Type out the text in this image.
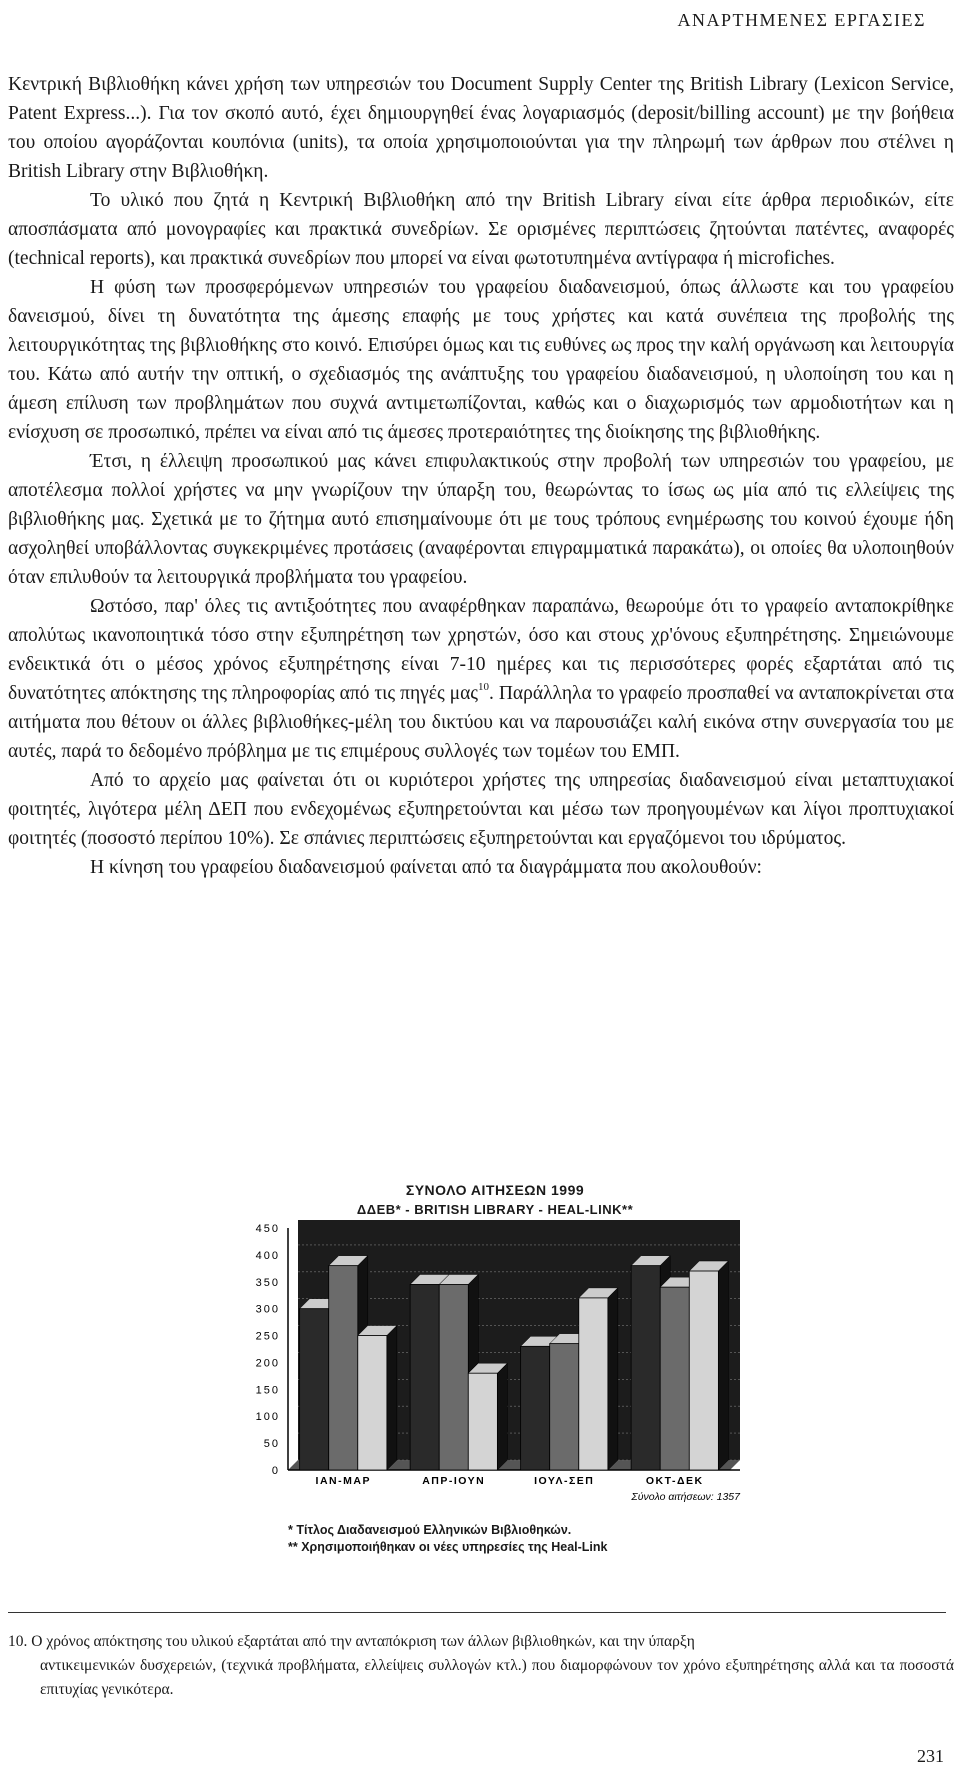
ΑΝΑΡΤΗΜΕΝΕΣ ΕΡΓΑΣΙΕΣ

Κεντρική Βιβλιοθήκη κάνει χρήση των υπηρεσιών του Document Supply Center της British Library (Lexicon Service, Patent Express...). Για τον σκοπό αυτό, έχει δημιουργηθεί ένας λογαριασμός (deposit/billing account) με την βοήθεια του οποίου αγοράζονται κουπόνια (units), τα οποία χρησιμοποιούνται για την πληρωμή των άρθρων που στέλνει η British Library στην Βιβλιοθήκη.

Το υλικό που ζητά η Κεντρική Βιβλιοθήκη από την British Library είναι είτε άρθρα περιοδικών, είτε αποσπάσματα από μονογραφίες και πρακτικά συνεδρίων. Σε ορισμένες περιπτώσεις ζητούνται πατέντες, αναφορές (technical reports), και πρακτικά συνεδρίων που μπορεί να είναι φωτοτυπημένα αντίγραφα ή microfiches.

Η φύση των προσφερόμενων υπηρεσιών του γραφείου διαδανεισμού, όπως άλλωστε και του γραφείου δανεισμού, δίνει τη δυνατότητα της άμεσης επαφής με τους χρήστες και κατά συνέπεια της προβολής της λειτουργικότητας της βιβλιοθήκης στο κοινό. Επισύρει όμως και τις ευθύνες ως προς την καλή οργάνωση και λειτουργία του. Κάτω από αυτήν την οπτική, ο σχεδιασμός της ανάπτυξης του γραφείου διαδανεισμού, η υλοποίηση του και η άμεση επίλυση των προβλημάτων που συχνά αντιμετωπίζονται, καθώς και ο διαχωρισμός των αρμοδιοτήτων και η ενίσχυση σε προσωπικό, πρέπει να είναι από τις άμεσες προτεραιότητες της διοίκησης της βιβλιοθήκης.

Έτσι, η έλλειψη προσωπικού μας κάνει επιφυλακτικούς στην προβολή των υπηρεσιών του γραφείου, με αποτέλεσμα πολλοί χρήστες να μην γνωρίζουν την ύπαρξη του, θεωρώντας το ίσως ως μία από τις ελλείψεις της βιβλιοθήκης μας. Σχετικά με το ζήτημα αυτό επισημαίνουμε ότι με τους τρόπους ενημέρωσης του κοινού έχουμε ήδη ασχοληθεί υποβάλλοντας συγκεκριμένες προτάσεις (αναφέρονται επιγραμματικά παρακάτω), οι οποίες θα υλοποιηθούν όταν επιλυθούν τα λειτουργικά προβλήματα του γραφείου.

Ωστόσο, παρ' όλες τις αντιξοότητες που αναφέρθηκαν παραπάνω, θεωρούμε ότι το γραφείο ανταποκρίθηκε απολύτως ικανοποιητικά τόσο στην εξυπηρέτηση των χρηστών, όσο και στους χρ'όνους εξυπηρέτησης. Σημειώνουμε ενδεικτικά ότι ο μέσος χρόνος εξυπηρέτησης είναι 7-10 ημέρες και τις περισσότερες φορές εξαρτάται από τις δυνατότητες απόκτησης της πληροφορίας από τις πηγές μας$^{10}$. Παράλληλα το γραφείο προσπαθεί να ανταποκρίνεται στα αιτήματα που θέτουν οι άλλες βιβλιοθήκες-μέλη του δικτύου και να παρουσιάζει καλή εικόνα στην συνεργασία του με αυτές, παρά το δεδομένο πρόβλημα με τις επιμέρους συλλογές των τομέων του ΕΜΠ.

Από το αρχείο μας φαίνεται ότι οι κυριότεροι χρήστες της υπηρεσίας διαδανεισμού είναι μεταπτυχιακοί φοιτητές, λιγότερα μέλη ΔΕΠ που ενδεχομένως εξυπηρετούνται και μέσω των προηγουμένων και λίγοι προπτυχιακοί φοιτητές (ποσοστό περίπου 10%). Σε σπάνιες περιπτώσεις εξυπηρετούνται και εργαζόμενοι του ιδρύματος.

Η κίνηση του γραφείου διαδανεισμού φαίνεται από τα διαγράμματα που ακολουθούν:

ΣΥΝΟΛΟ ΑΙΤΗΣΕΩΝ 1999
ΔΔΕΒ* - BRITISH LIBRARY - HEAL-LINK**
0
50
100
150
200
250
300
350
400
450
ΙΑΝ-ΜΑΡ	ΑΠΡ-ΙΟΥΝ	ΙΟΥΛ-ΣΕΠ	ΟΚΤ-ΔΕΚ
Σύνολο αιτήσεων: 1357
* Τίτλος Διαδανεισμού Ελληνικών Βιβλιοθηκών.
** Χρησιμοποιήθηκαν οι νέες υπηρεσίες της Heal-Link
10. Ο χρόνος απόκτησης του υλικού εξαρτάται από την ανταπόκριση των άλλων βιβλιοθηκών, και την ύπαρξη
αντικειμενικών δυσχερειών, (τεχνικά προβλήματα, ελλείψεις συλλογών κτλ.) που διαμορφώνουν τον χρόνο εξυπηρέτησης αλλά και τα ποσοστά επιτυχίας γενικότερα.
231
